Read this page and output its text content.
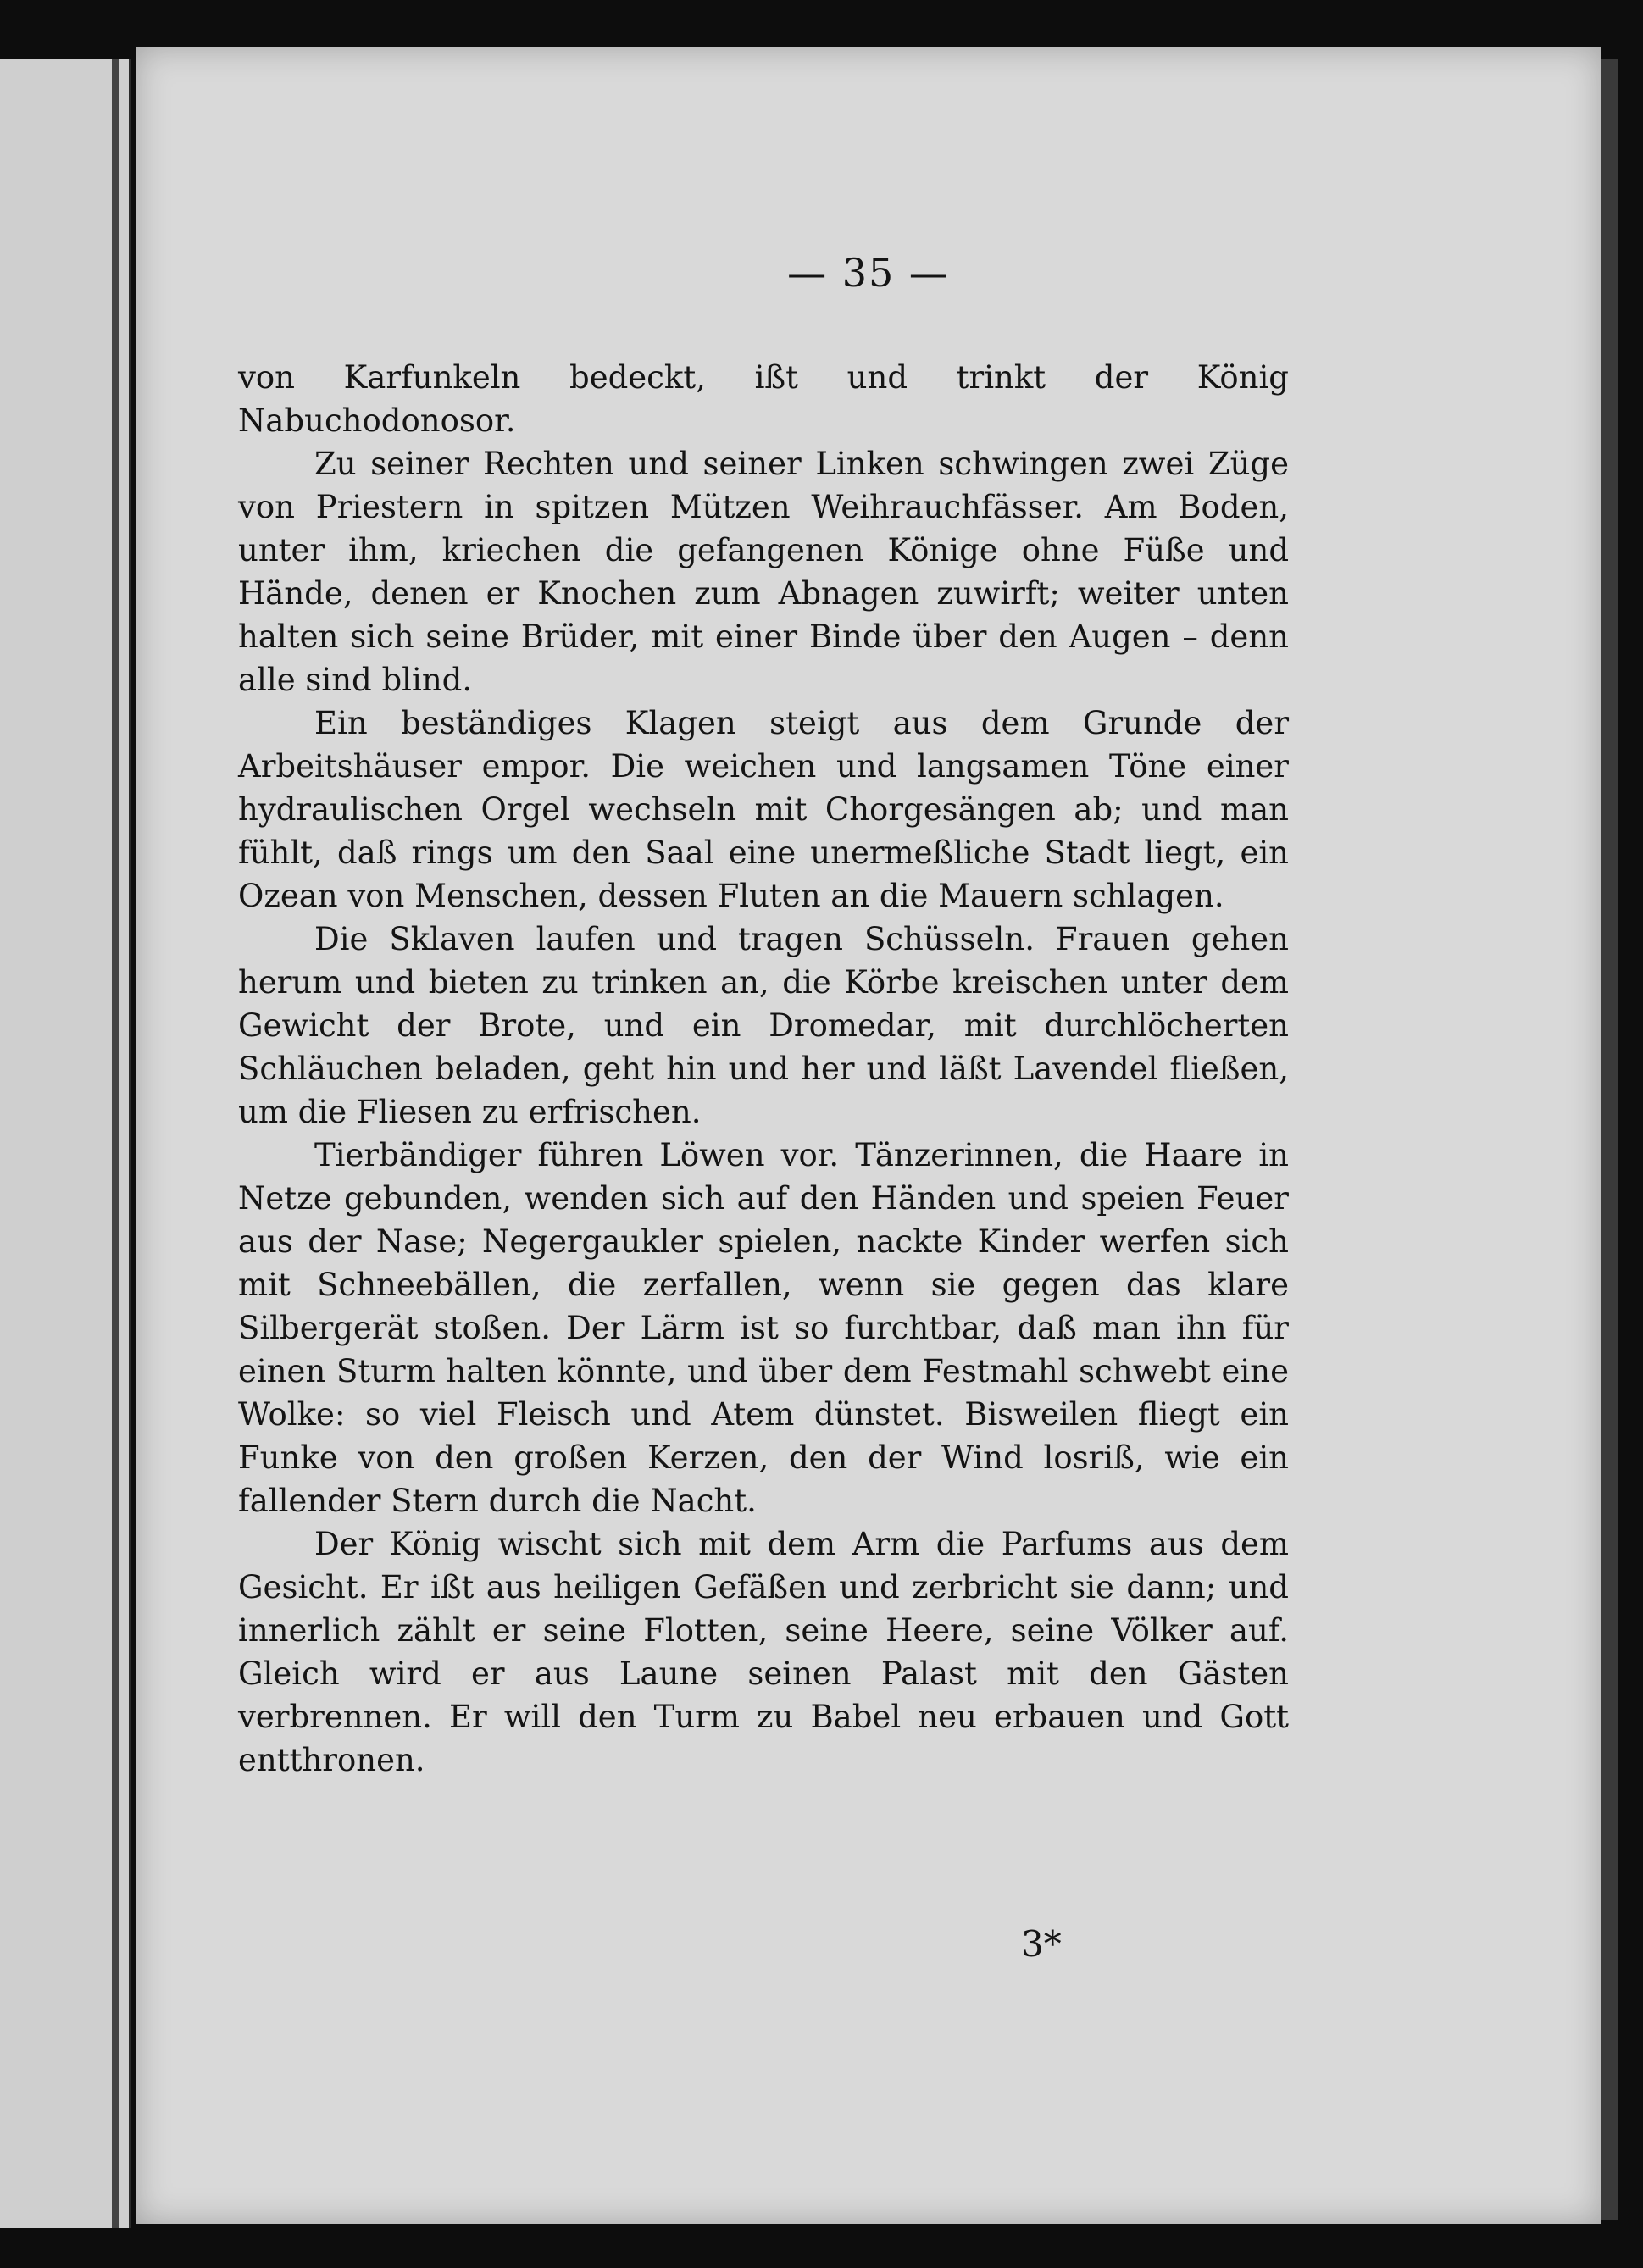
— 35 —

von Karfunkeln bedeckt, ißt und trinkt der König Nabuchodonosor.

Zu seiner Rechten und seiner Linken schwingen zwei Züge von Priestern in spitzen Mützen Weihrauchfässer. Am Boden, unter ihm, kriechen die gefangenen Könige ohne Füße und Hände, denen er Knochen zum Abnagen zuwirft; weiter unten halten sich seine Brüder, mit einer Binde über den Augen – denn alle sind blind.

Ein beständiges Klagen steigt aus dem Grunde der Arbeitshäuser empor. Die weichen und langsamen Töne einer hydraulischen Orgel wechseln mit Chorgesängen ab; und man fühlt, daß rings um den Saal eine unermeßliche Stadt liegt, ein Ozean von Menschen, dessen Fluten an die Mauern schlagen.

Die Sklaven laufen und tragen Schüsseln. Frauen gehen herum und bieten zu trinken an, die Körbe kreischen unter dem Gewicht der Brote, und ein Dromedar, mit durchlöcherten Schläuchen beladen, geht hin und her und läßt Lavendel fließen, um die Fliesen zu erfrischen.

Tierbändiger führen Löwen vor. Tänzerinnen, die Haare in Netze gebunden, wenden sich auf den Händen und speien Feuer aus der Nase; Negergaukler spielen, nackte Kinder werfen sich mit Schneebällen, die zerfallen, wenn sie gegen das klare Silbergerät stoßen. Der Lärm ist so furchtbar, daß man ihn für einen Sturm halten könnte, und über dem Festmahl schwebt eine Wolke: so viel Fleisch und Atem dünstet. Bisweilen fliegt ein Funke von den großen Kerzen, den der Wind losriß, wie ein fallender Stern durch die Nacht.

Der König wischt sich mit dem Arm die Parfums aus dem Gesicht. Er ißt aus heiligen Gefäßen und zerbricht sie dann; und innerlich zählt er seine Flotten, seine Heere, seine Völker auf. Gleich wird er aus Laune seinen Palast mit den Gästen verbrennen. Er will den Turm zu Babel neu erbauen und Gott entthronen.

3*
